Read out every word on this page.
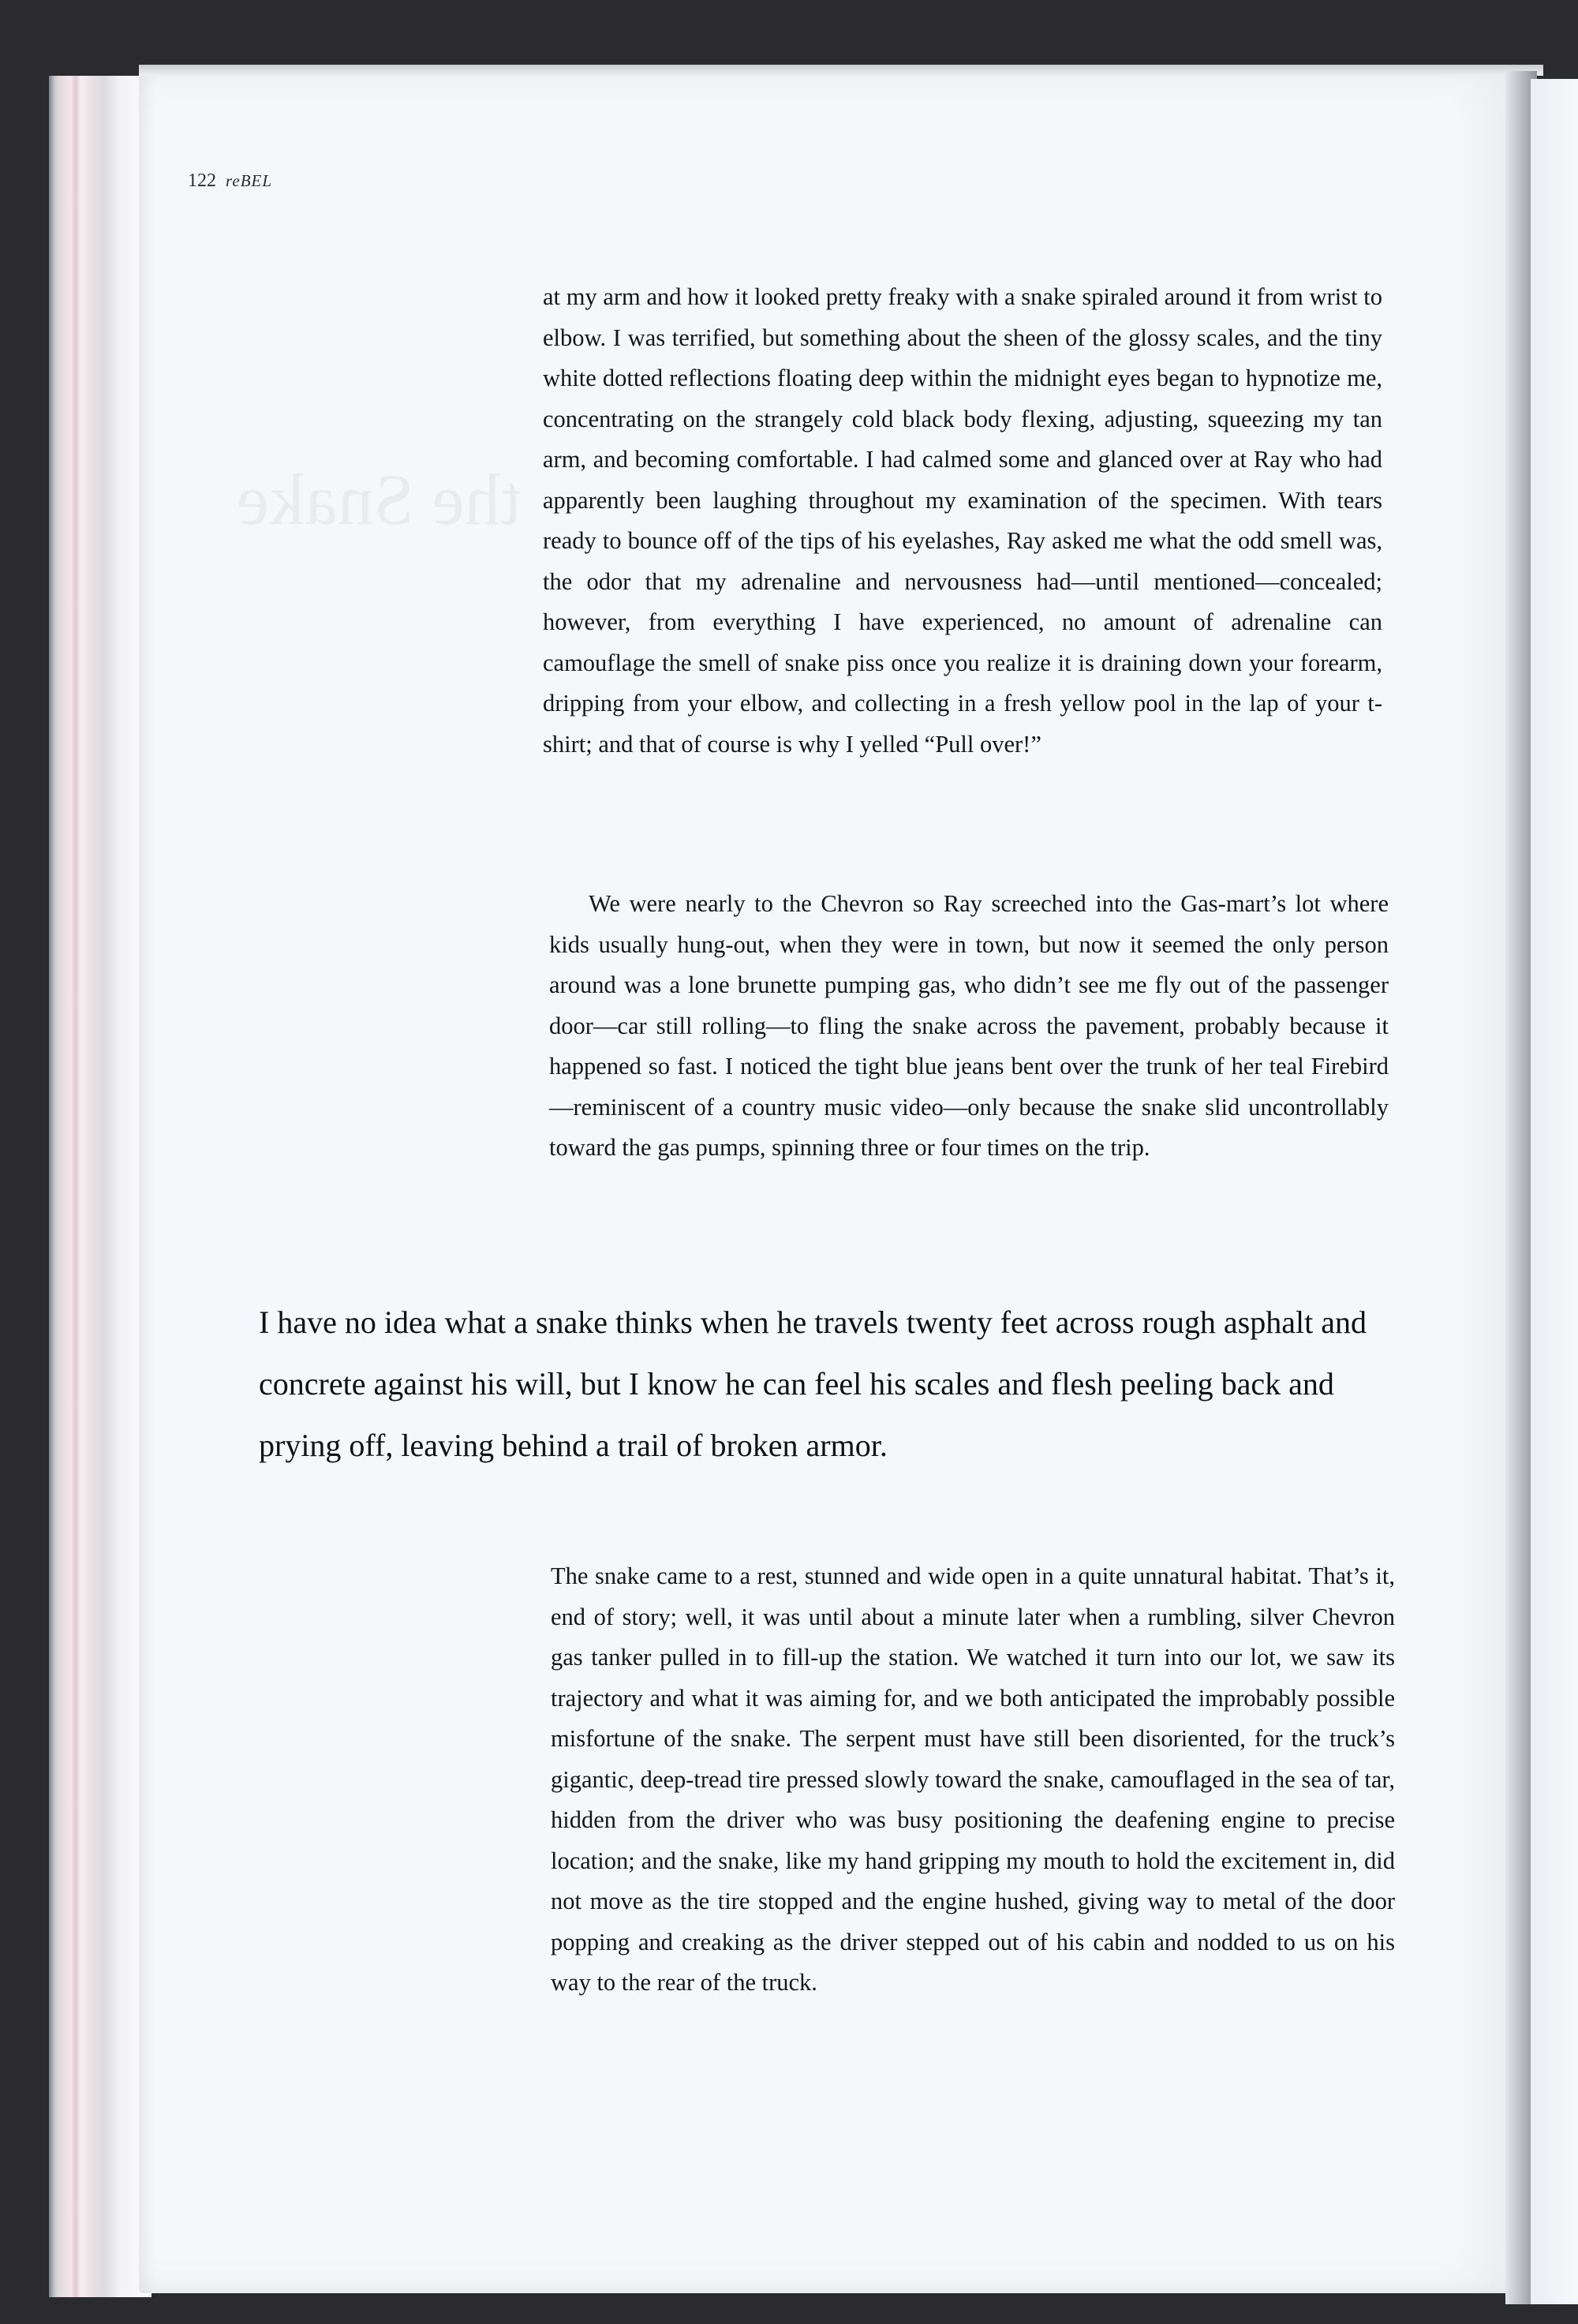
122 reBEL

at my arm and how it looked pretty freaky with a snake spiraled around it from wrist to elbow. I was terrified, but something about the sheen of the glossy scales, and the tiny white dotted reflections floating deep within the midnight eyes began to hypnotize me, concentrating on the strangely cold black body flexing, adjusting, squeezing my tan arm, and becoming comfortable. I had calmed some and glanced over at Ray who had apparently been laughing throughout my examination of the specimen. With tears ready to bounce off of the tips of his eyelashes, Ray asked me what the odd smell was, the odor that my adrenaline and nervousness had—until mentioned—concealed; however, from everything I have experienced, no amount of adrenaline can camouflage the smell of snake piss once you realize it is draining down your forearm, dripping from your elbow, and collecting in a fresh yellow pool in the lap of your t-shirt; and that of course is why I yelled “Pull over!”

We were nearly to the Chevron so Ray screeched into the Gas-mart’s lot where kids usually hung-out, when they were in town, but now it seemed the only person around was a lone brunette pumping gas, who didn’t see me fly out of the passenger door—car still rolling—to fling the snake across the pavement, probably because it happened so fast. I noticed the tight blue jeans bent over the trunk of her teal Firebird—reminiscent of a country music video—only because the snake slid uncontrollably toward the gas pumps, spinning three or four times on the trip.

I have no idea what a snake thinks when he travels twenty feet across rough asphalt and concrete against his will, but I know he can feel his scales and flesh peeling back and prying off, leaving behind a trail of broken armor.

The snake came to a rest, stunned and wide open in a quite unnatural habitat. That’s it, end of story; well, it was until about a minute later when a rumbling, silver Chevron gas tanker pulled in to fill-up the station. We watched it turn into our lot, we saw its trajectory and what it was aiming for, and we both anticipated the improbably possible misfortune of the snake. The serpent must have still been disoriented, for the truck’s gigantic, deep-tread tire pressed slowly toward the snake, camouflaged in the sea of tar, hidden from the driver who was busy positioning the deafening engine to precise location; and the snake, like my hand gripping my mouth to hold the excitement in, did not move as the tire stopped and the engine hushed, giving way to metal of the door popping and creaking as the driver stepped out of his cabin and nodded to us on his way to the rear of the truck.
